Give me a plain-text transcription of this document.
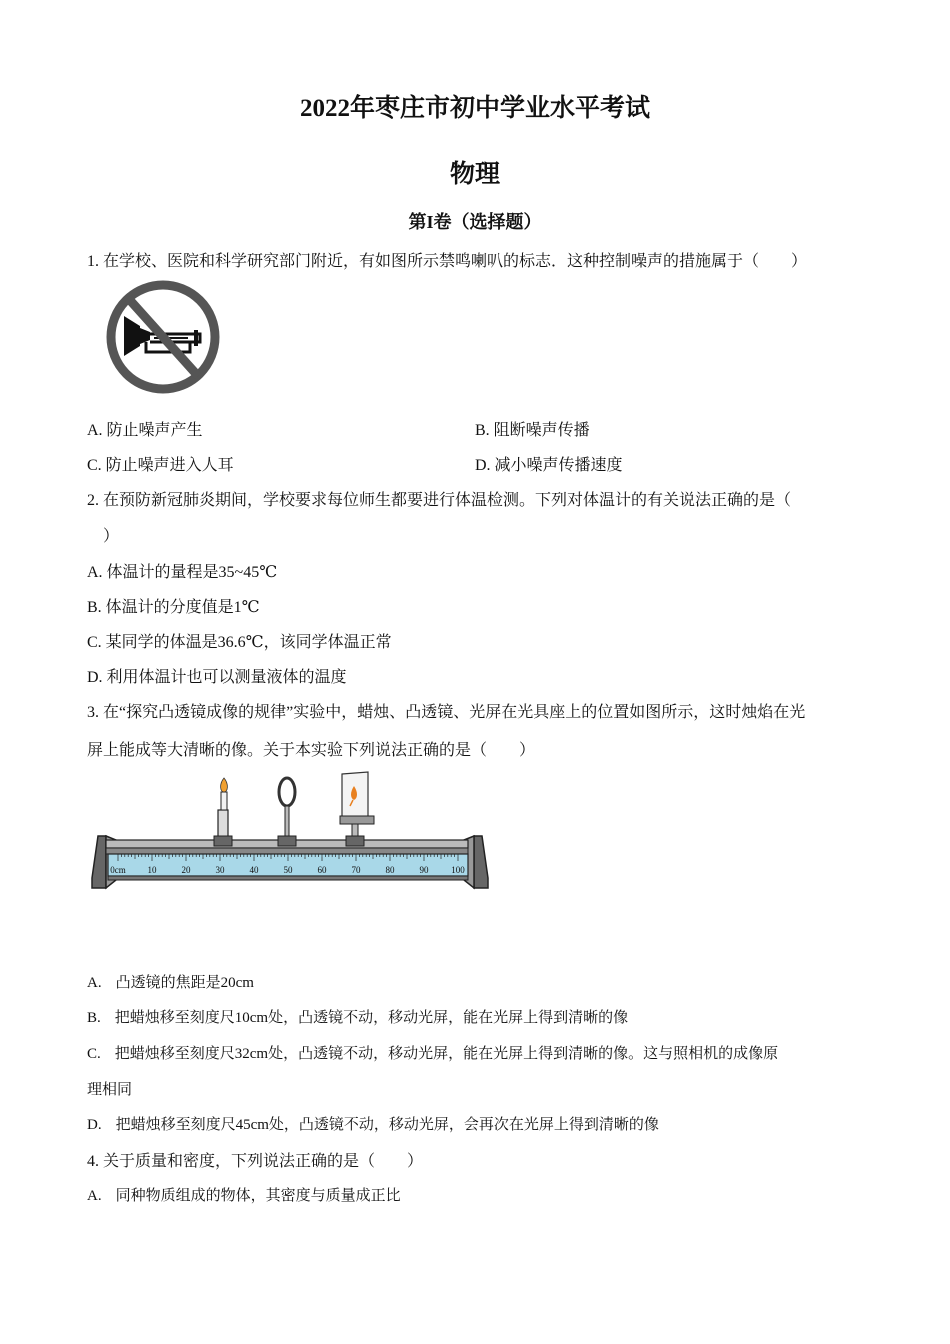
2022年枣庄市初中学业水平考试
物理
第I卷（选择题）
1. 在学校、医院和科学研究部门附近，有如图所示禁鸣喇叭的标志．这种控制噪声的措施属于（　　）
A. 防止噪声产生	B. 阻断噪声传播
C. 防止噪声进入人耳	D. 减小噪声传播速度
2. 在预防新冠肺炎期间，学校要求每位师生都要进行体温检测。下列对体温计的有关说法正确的是（
　）
A. 体温计的量程是35~45℃
B. 体温计的分度值是1℃
C. 某同学的体温是36.6℃，该同学体温正常
D. 利用体温计也可以测量液体的温度
3. 在“探究凸透镜成像的规律”实验中，蜡烛、凸透镜、光屏在光具座上的位置如图所示，这时烛焰在光
屏上能成等大清晰的像。关于本实验下列说法正确的是（　　）
0cm 10	20	30	40	50	60	70	80	90	100
A. 凸透镜的焦距是20cm
B. 把蜡烛移至刻度尺10cm处，凸透镜不动，移动光屏，能在光屏上得到清晰的像
C. 把蜡烛移至刻度尺32cm处，凸透镜不动，移动光屏，能在光屏上得到清晰的像。这与照相机的成像原
理相同
D. 把蜡烛移至刻度尺45cm处，凸透镜不动，移动光屏，会再次在光屏上得到清晰的像
4. 关于质量和密度，下列说法正确的是（　　）
A. 同种物质组成的物体，其密度与质量成正比
